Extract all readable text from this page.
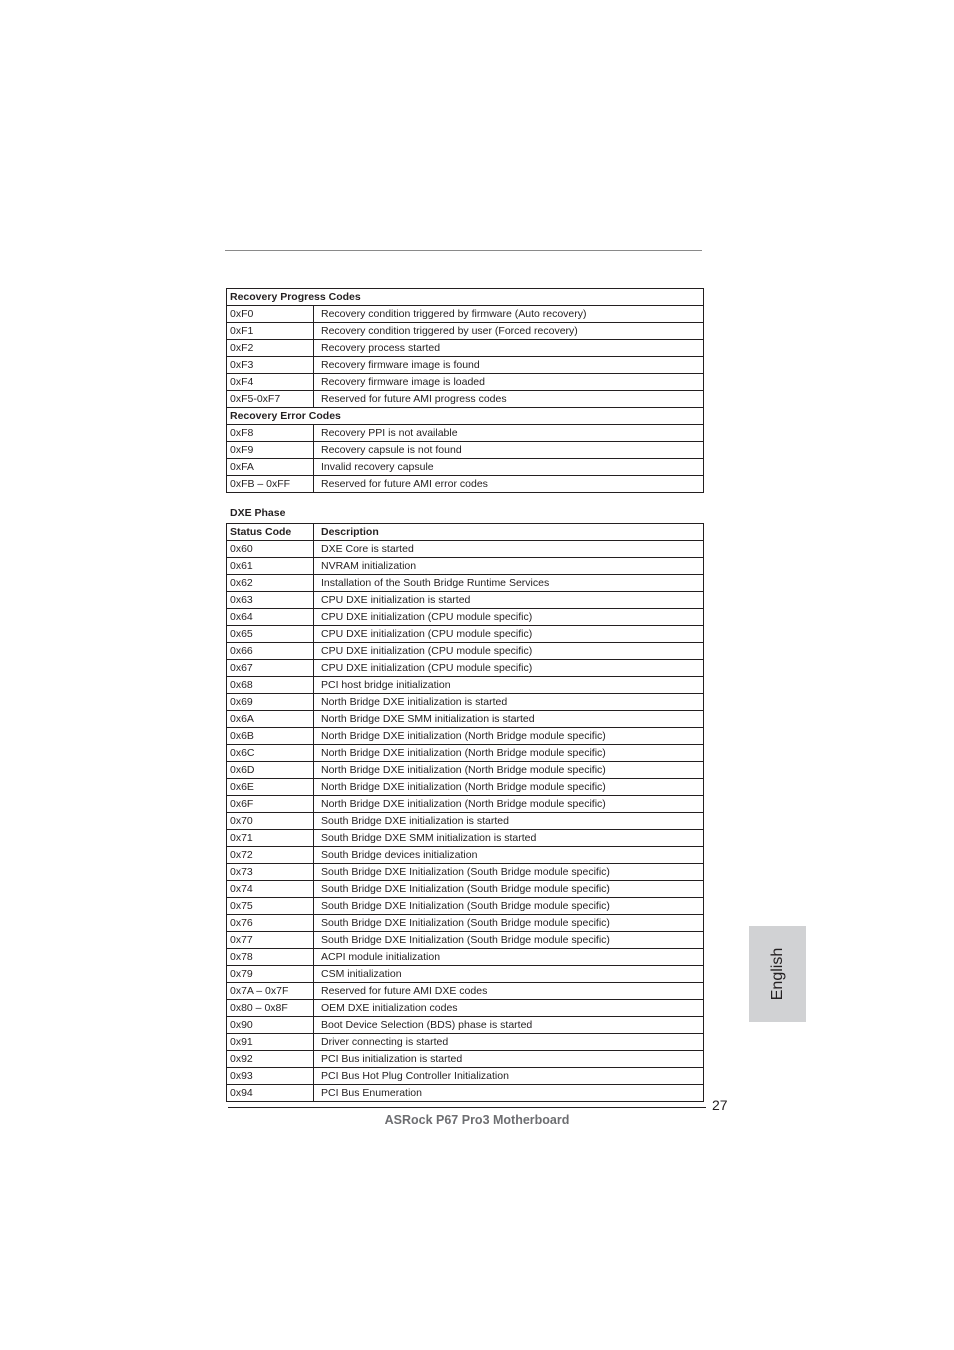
Recovery Progress Codes	
0xF0	Recovery condition triggered by firmware (Auto recovery)
0xF1	Recovery condition triggered by user (Forced recovery)
0xF2	Recovery process started
0xF3	Recovery firmware image is found
0xF4	Recovery firmware image is loaded
0xF5-0xF7	Reserved for future AMI progress codes
Recovery Error Codes	
0xF8	Recovery PPI is not available
0xF9	Recovery capsule is not found
0xFA	Invalid recovery capsule
0xFB – 0xFF	Reserved for future AMI error codes
DXE Phase
Status Code	Description
0x60	DXE Core is started
0x61	NVRAM initialization
0x62	Installation of the South Bridge Runtime Services
0x63	CPU DXE initialization is started
0x64	CPU DXE initialization (CPU module specific)
0x65	CPU DXE initialization (CPU module specific)
0x66	CPU DXE initialization (CPU module specific)
0x67	CPU DXE initialization (CPU module specific)
0x68	PCI host bridge initialization
0x69	North Bridge DXE initialization is started
0x6A	North Bridge DXE SMM initialization is started
0x6B	North Bridge DXE initialization (North Bridge module specific)
0x6C	North Bridge DXE initialization (North Bridge module specific)
0x6D	North Bridge DXE initialization (North Bridge module specific)
0x6E	North Bridge DXE initialization (North Bridge module specific)
0x6F	North Bridge DXE initialization (North Bridge module specific)
0x70	South Bridge DXE initialization is started
0x71	South Bridge DXE SMM initialization is started
0x72	South Bridge devices initialization
0x73	South Bridge DXE Initialization (South Bridge module specific)
0x74	South Bridge DXE Initialization (South Bridge module specific)
0x75	South Bridge DXE Initialization (South Bridge module specific)
0x76	South Bridge DXE Initialization (South Bridge module specific)
0x77	South Bridge DXE Initialization (South Bridge module specific)
0x78	ACPI module initialization
0x79	CSM initialization
0x7A – 0x7F	Reserved for future AMI DXE codes
0x80 – 0x8F	OEM DXE initialization codes
0x90	Boot Device Selection (BDS) phase is started
0x91	Driver connecting is started
0x92	PCI Bus initialization is started
0x93	PCI Bus Hot Plug Controller Initialization
0x94	PCI Bus Enumeration
English
27
ASRock P67 Pro3 Motherboard
